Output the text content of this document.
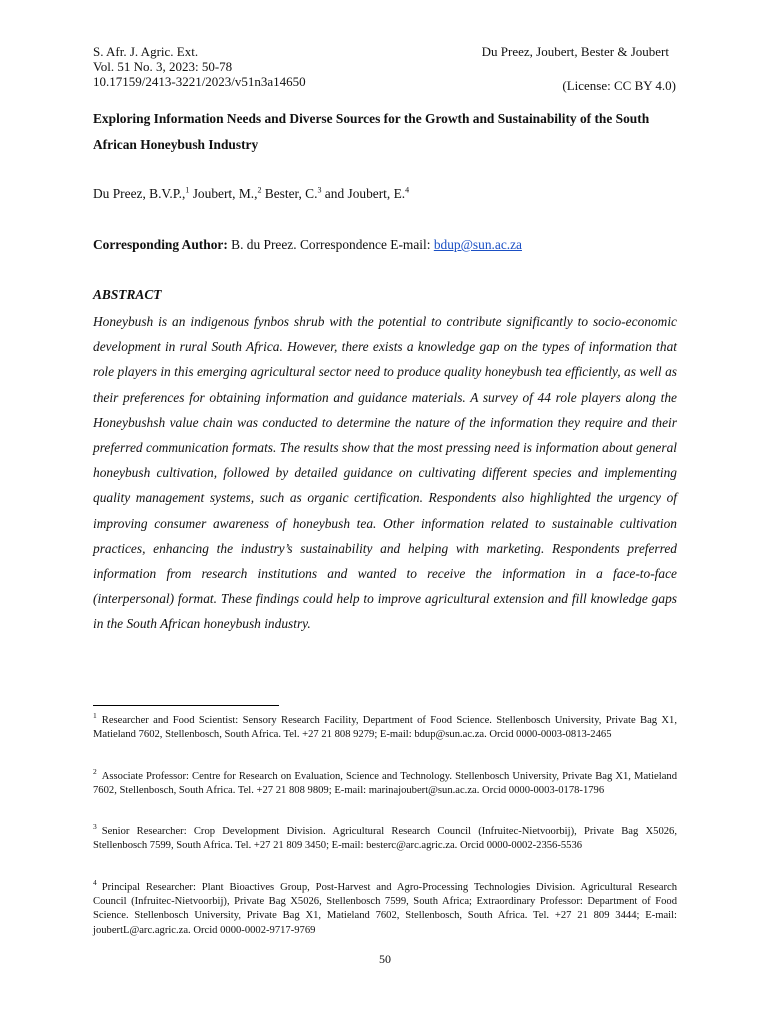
S. Afr. J. Agric. Ext.
Vol. 51 No. 3, 2023: 50-78
10.17159/2413-3221/2023/v51n3a14650
Du Preez, Joubert, Bester & Joubert
(License: CC BY 4.0)
Exploring Information Needs and Diverse Sources for the Growth and Sustainability of the South African Honeybush Industry
Du Preez, B.V.P.,$^1$ Joubert, M.,$^2$ Bester, C.$^3$ and Joubert, E.$^4$
Corresponding Author: B. du Preez. Correspondence E-mail: bdup@sun.ac.za
ABSTRACT

Honeybush is an indigenous fynbos shrub with the potential to contribute significantly to socio-economic development in rural South Africa. However, there exists a knowledge gap on the types of information that role players in this emerging agricultural sector need to produce quality honeybush tea efficiently, as well as their preferences for obtaining information and guidance materials. A survey of 44 role players along the Honeybushsh value chain was conducted to determine the nature of the information they require and their preferred communication formats. The results show that the most pressing need is information about general honeybush cultivation, followed by detailed guidance on cultivating different species and implementing quality management systems, such as organic certification. Respondents also highlighted the urgency of improving consumer awareness of honeybush tea. Other information related to sustainable cultivation practices, enhancing the industry’s sustainability and helping with marketing. Respondents preferred information from research institutions and wanted to receive the information in a face-to-face (interpersonal) format. These findings could help to improve agricultural extension and fill knowledge gaps in the South African honeybush industry.

$^1$ Researcher and Food Scientist: Sensory Research Facility, Department of Food Science. Stellenbosch University, Private Bag X1, Matieland 7602, Stellenbosch, South Africa. Tel. +27 21 808 9279; E-mail: bdup@sun.ac.za. Orcid 0000-0003-0813-2465

$^2$ Associate Professor: Centre for Research on Evaluation, Science and Technology. Stellenbosch University, Private Bag X1, Matieland 7602, Stellenbosch, South Africa. Tel. +27 21 808 9809; E-mail: marinajoubert@sun.ac.za. Orcid 0000-0003-0178-1796

$^3$ Senior Researcher: Crop Development Division. Agricultural Research Council (Infruitec-Nietvoorbij), Private Bag X5026, Stellenbosch 7599, South Africa. Tel. +27 21 809 3450; E-mail: besterc@arc.agric.za. Orcid 0000-0002-2356-5536

$^4$ Principal Researcher: Plant Bioactives Group, Post-Harvest and Agro-Processing Technologies Division. Agricultural Research Council (Infruitec-Nietvoorbij), Private Bag X5026, Stellenbosch 7599, South Africa; Extraordinary Professor: Department of Food Science. Stellenbosch University, Private Bag X1, Matieland 7602, Stellenbosch, South Africa. Tel. +27 21 809 3444; E-mail: joubertL@arc.agric.za. Orcid 0000-0002-9717-9769

50
